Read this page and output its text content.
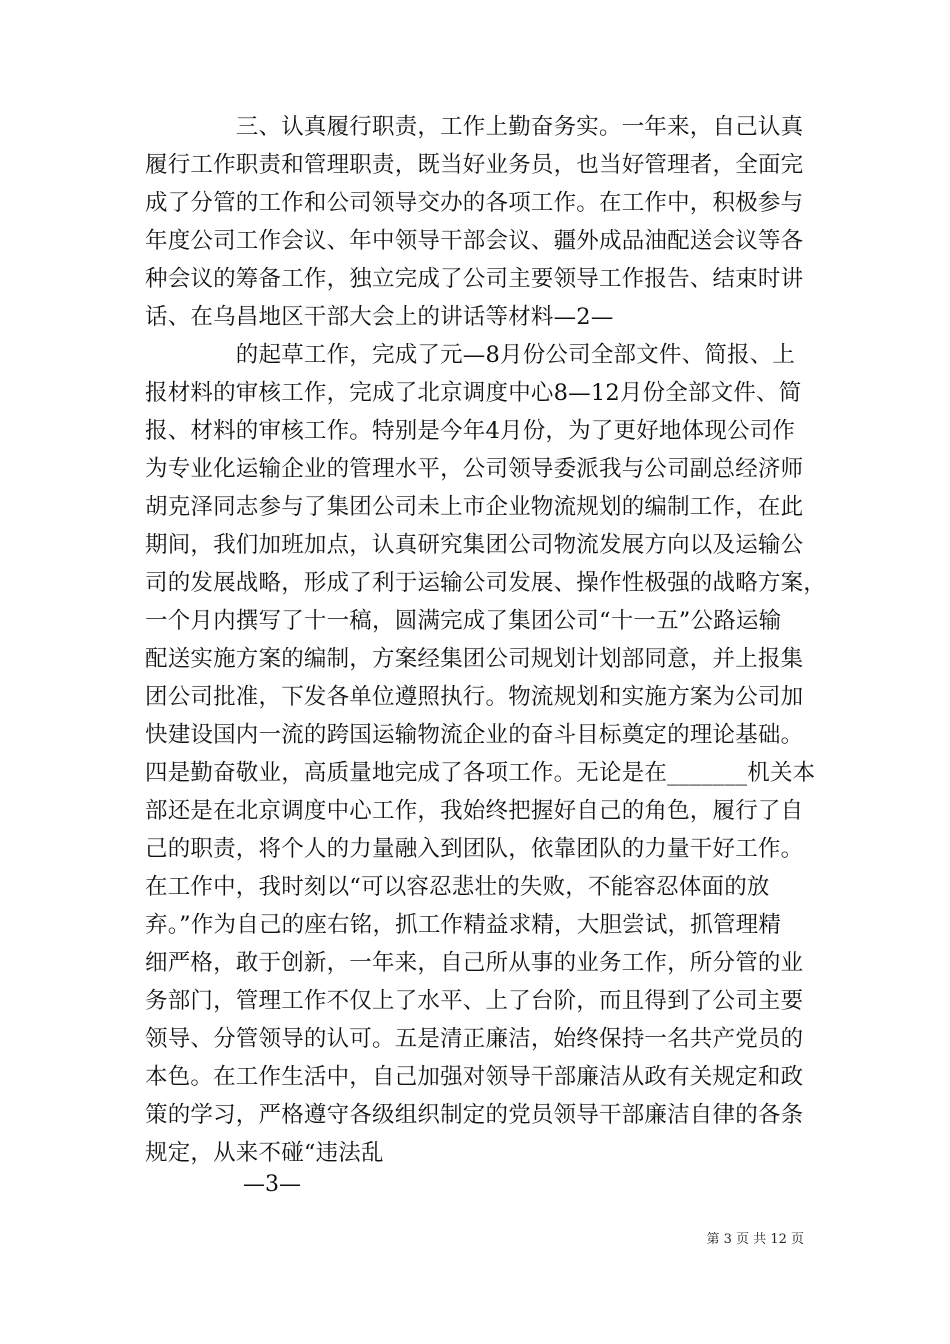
　　　　三、认真履行职责，工作上勤奋务实。一年来，自己认真
履行工作职责和管理职责，既当好业务员，也当好管理者，全面完
成了分管的工作和公司领导交办的各项工作。在工作中，积极参与
年度公司工作会议、年中领导干部会议、疆外成品油配送会议等各
种会议的筹备工作，独立完成了公司主要领导工作报告、结束时讲
话、在乌昌地区干部大会上的讲话等材料—2—
　　　　的起草工作，完成了元—8月份公司全部文件、简报、上
报材料的审核工作，完成了北京调度中心8—12月份全部文件、简
报、材料的审核工作。特别是今年4月份，为了更好地体现公司作
为专业化运输企业的管理水平，公司领导委派我与公司副总经济师
胡克泽同志参与了集团公司未上市企业物流规划的编制工作，在此
期间，我们加班加点，认真研究集团公司物流发展方向以及运输公
司的发展战略，形成了利于运输公司发展、操作性极强的战略方案，
一个月内撰写了十一稿，圆满完成了集团公司“十一五”公路运输
配送实施方案的编制，方案经集团公司规划计划部同意，并上报集
团公司批准，下发各单位遵照执行。物流规划和实施方案为公司加
快建设国内一流的跨国运输物流企业的奋斗目标奠定的理论基础。
四是勤奋敬业，高质量地完成了各项工作。无论是在_______机关本
部还是在北京调度中心工作，我始终把握好自己的角色，履行了自
己的职责，将个人的力量融入到团队，依靠团队的力量干好工作。
在工作中，我时刻以“可以容忍悲壮的失败，不能容忍体面的放
弃。”作为自己的座右铭，抓工作精益求精，大胆尝试，抓管理精
细严格，敢于创新，一年来，自己所从事的业务工作，所分管的业
务部门，管理工作不仅上了水平、上了台阶，而且得到了公司主要
领导、分管领导的认可。五是清正廉洁，始终保持一名共产党员的
本色。在工作生活中，自己加强对领导干部廉洁从政有关规定和政
策的学习，严格遵守各级组织制定的党员领导干部廉洁自律的各条
规定，从来不碰“违法乱
—3—
第 3 页 共 12 页
